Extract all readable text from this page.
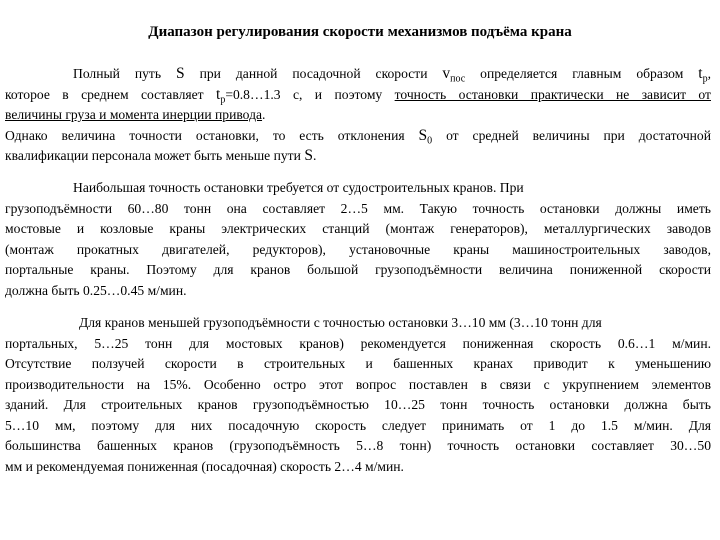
Диапазон регулирования скорости механизмов подъёма крана
Полный путь S при данной посадочной скорости $v_{пос}$ определяется главным образом $t_p$,
которое в среднем составляет $t_p=0.8\dots 1.3$ с, и поэтому точность остановки практически не зависит от
величины груза и момента инерции привода.
Однако величина точности остановки, то есть отклонения $S_0$ от средней величины при достаточной
квалификации персонала может быть меньше пути S.
Наибольшая точность остановки требуется от судостроительных кранов. При
грузоподъёмности 60…80 тонн она составляет 2…5 мм. Такую точность остановки должны иметь
мостовые и козловые краны электрических станций (монтаж генераторов), металлургических заводов
(монтаж прокатных двигателей, редукторов), установочные краны машиностроительных заводов,
портальные краны. Поэтому для кранов большой грузоподъёмности величина пониженной скорости
должна быть 0.25…0.45 м/мин.
Для кранов меньшей грузоподъёмности с точностью остановки 3…10 мм (3…10 тонн для
портальных, 5…25 тонн для мостовых кранов) рекомендуется пониженная скорость 0.6…1 м/мин.
Отсутствие ползучей скорости в строительных и башенных кранах приводит к уменьшению
производительности на 15%. Особенно остро этот вопрос поставлен в связи с укрупнением элементов
зданий. Для строительных кранов грузоподъёмностью 10…25 тонн точность остановки должна быть
5…10 мм, поэтому для них посадочную скорость следует принимать от 1 до 1.5 м/мин. Для
большинства башенных кранов (грузоподъёмность 5…8 тонн) точность остановки составляет 30…50
мм и рекомендуемая пониженная (посадочная) скорость 2…4 м/мин.
